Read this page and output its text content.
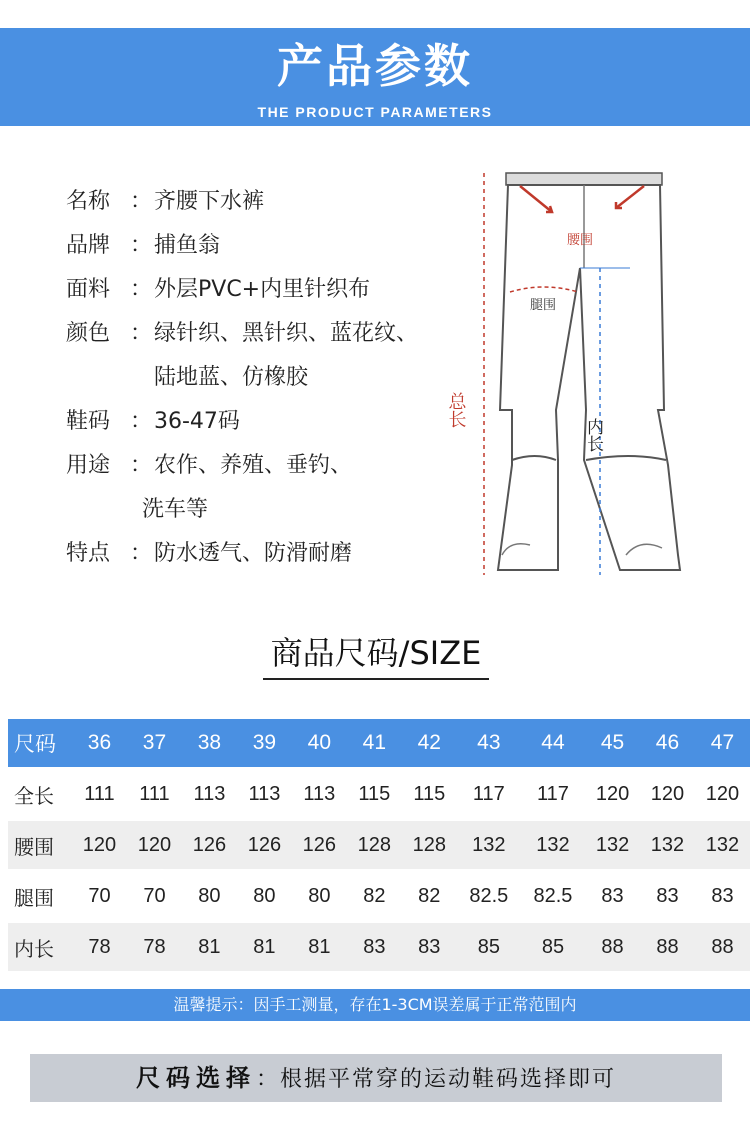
产品参数
THE PRODUCT PARAMETERS
名称 ： 齐腰下水裤
品牌 ： 捕鱼翁
面料 ： 外层PVC+内里针织布
颜色 ： 绿针织、黑针织、蓝花纹、
陆地蓝、仿橡胶
鞋码 ： 36-47码
用途 ： 农作、养殖、垂钓、
洗车等
特点 ： 防水透气、防滑耐磨
腰围
腿围
总长
内长
商品尺码/SIZE
尺码	36	37	38	39	40	41	42	43	44	45	46	47
全长	111	111	113	113	113	115	115	117	117	120	120	120
腰围	120	120	126	126	126	128	128	132	132	132	132	132
腿围	70	70	80	80	80	82	82	82.5	82.5	83	83	83
内长	78	78	81	81	81	83	83	85	85	88	88	88
温馨提示：因手工测量，存在1-3CM误差属于正常范围内
尺码选择：根据平常穿的运动鞋码选择即可
